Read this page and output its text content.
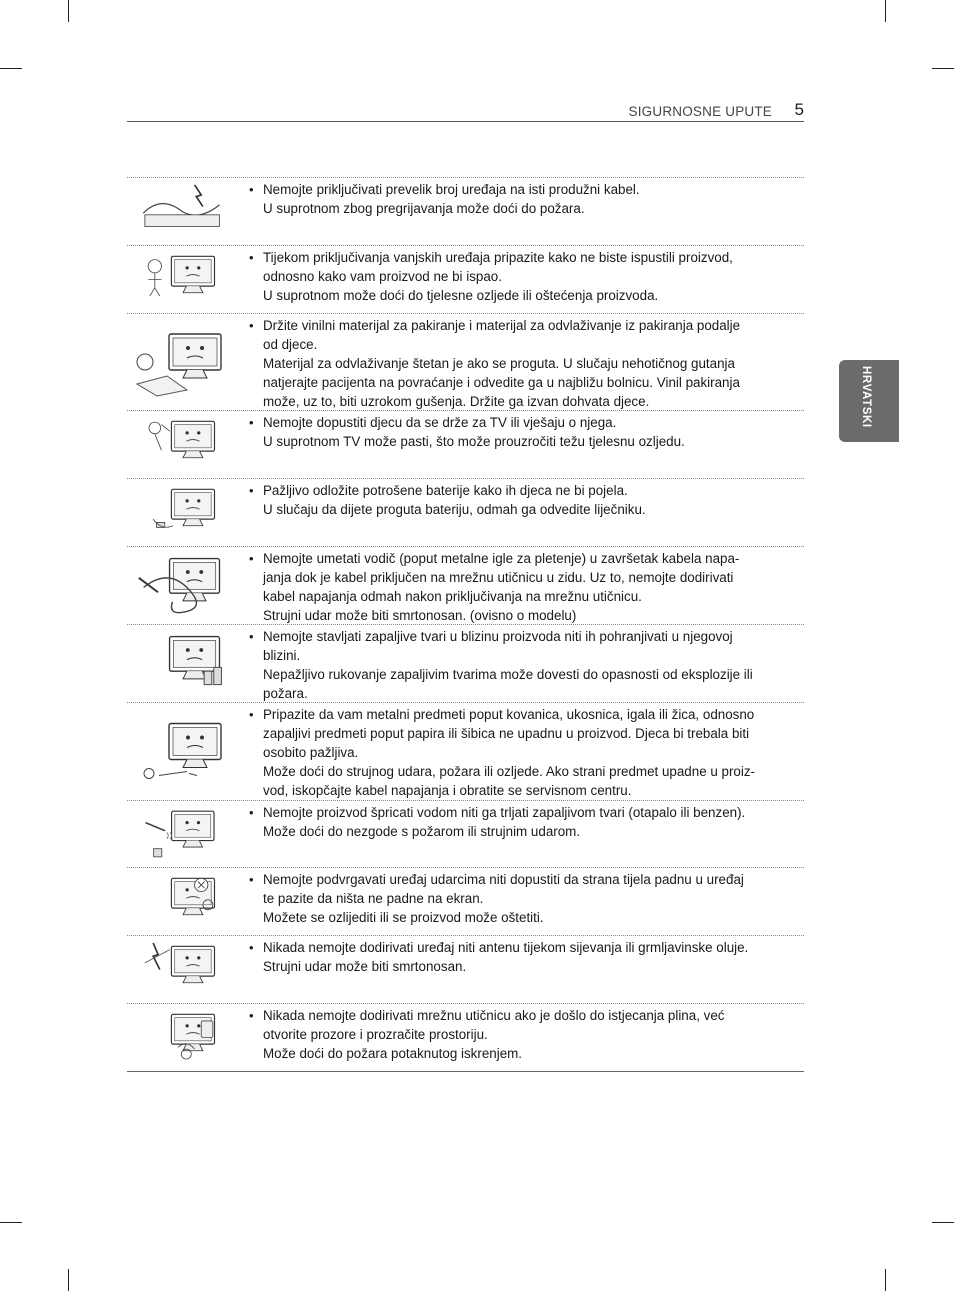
SIGURNOSNE UPUTE 5
HRVATSKI
• Nemojte priključivati prevelik broj uređaja na isti produžni kabel.
U suprotnom zbog pregrijavanja može doći do požara.
• Tijekom priključivanja vanjskih uređaja pripazite kako ne biste ispustili proizvod,
odnosno kako vam proizvod ne bi ispao.
U suprotnom može doći do tjelesne ozljede ili oštećenja proizvoda.
• Držite vinilni materijal za pakiranje i materijal za odvlaživanje iz pakiranja podalje
od djece.
Materijal za odvlaživanje štetan je ako se proguta. U slučaju nehotičnog gutanja
natjerajte pacijenta na povraćanje i odvedite ga u najbližu bolnicu. Vinil pakiranja
može, uz to, biti uzrokom gušenja. Držite ga izvan dohvata djece.
• Nemojte dopustiti djecu da se drže za TV ili vješaju o njega.
U suprotnom TV može pasti, što može prouzročiti težu tjelesnu ozljedu.
• Pažljivo odložite potrošene baterije kako ih djeca ne bi pojela.
U slučaju da dijete proguta bateriju, odmah ga odvedite liječniku.
• Nemojte umetati vodič (poput metalne igle za pletenje) u završetak kabela napa-
janja dok je kabel priključen na mrežnu utičnicu u zidu. Uz to, nemojte dodirivati
kabel napajanja odmah nakon priključivanja na mrežnu utičnicu.
Strujni udar može biti smrtonosan. (ovisno o modelu)
• Nemojte stavljati zapaljive tvari u blizinu proizvoda niti ih pohranjivati u njegovoj
blizini.
Nepažljivo rukovanje zapaljivim tvarima može dovesti do opasnosti od eksplozije ili
požara.
• Pripazite da vam metalni predmeti poput kovanica, ukosnica, igala ili žica, odnosno
zapaljivi predmeti poput papira ili šibica ne upadnu u proizvod. Djeca bi trebala biti
osobito pažljiva.
Može doći do strujnog udara, požara ili ozljede. Ako strani predmet upadne u proiz-
vod, iskopčajte kabel napajanja i obratite se servisnom centru.
• Nemojte proizvod špricati vodom niti ga trljati zapaljivom tvari (otapalo ili benzen).
Može doći do nezgode s požarom ili strujnim udarom.
• Nemojte podvrgavati uređaj udarcima niti dopustiti da strana tijela padnu u uređaj
te pazite da ništa ne padne na ekran.
Možete se ozlijediti ili se proizvod može oštetiti.
• Nikada nemojte dodirivati uređaj niti antenu tijekom sijevanja ili grmljavinske oluje.
Strujni udar može biti smrtonosan.
• Nikada nemojte dodirivati mrežnu utičnicu ako je došlo do istjecanja plina, već
otvorite prozore i prozračite prostoriju.
Može doći do požara potaknutog iskrenjem.
